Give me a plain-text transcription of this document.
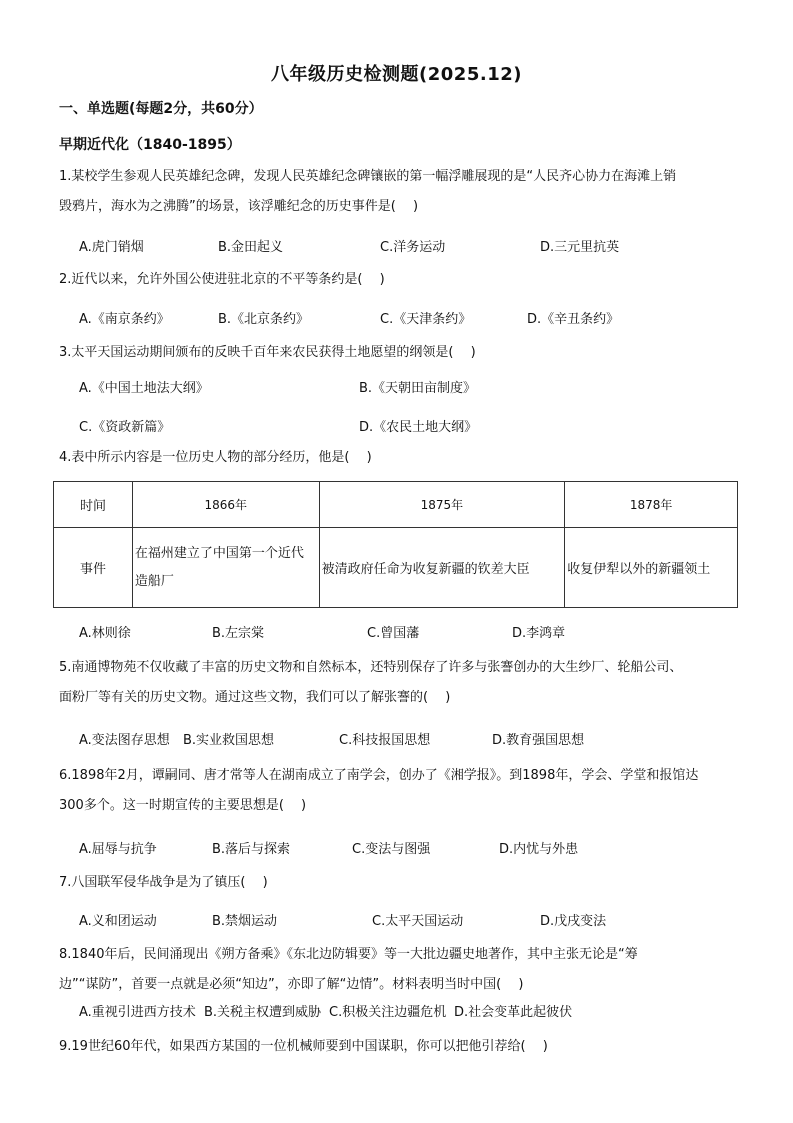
八年级历史检测题(2025.12)
一、单选题(每题2分，共60分）
早期近代化（1840-1895）

1.某校学生参观人民英雄纪念碑，发现人民英雄纪念碑镶嵌的第一幅浮雕展现的是“人民齐心协力在海滩上销

毁鸦片，海水为之沸腾”的场景，该浮雕纪念的历史事件是(　 )

A.虎门销烟	B.金田起义	C.洋务运动	D.三元里抗英

2.近代以来，允许外国公使进驻北京的不平等条约是(　 )

A.《南京条约》	B.《北京条约》	C.《天津条约》	D.《辛丑条约》

3.太平天国运动期间颁布的反映千百年来农民获得土地愿望的纲领是(　 )

A.《中国土地法大纲》	B.《天朝田亩制度》
C.《资政新篇》	D.《农民土地大纲》

4.表中所示内容是一位历史人物的部分经历，他是(　 )

时间	1866年	1875年	1878年
事件	在福州建立了中国第一个近代造船厂	被清政府任命为收复新疆的钦差大臣	收复伊犁以外的新疆领土
A.林则徐	B.左宗棠	C.曾国藩	D.李鸿章

5.南通博物苑不仅收藏了丰富的历史文物和自然标本，还特别保存了许多与张謇创办的大生纱厂、轮船公司、

面粉厂等有关的历史文物。通过这些文物，我们可以了解张謇的(　 )

A.变法图存思想 B.实业救国思想	C.科技报国思想	D.教育强国思想

6.1898年2月，谭嗣同、唐才常等人在湖南成立了南学会，创办了《湘学报》。到1898年，学会、学堂和报馆达

300多个。这一时期宣传的主要思想是(　 )

A.屈辱与抗争	B.落后与探索	C.变法与图强	D.内忧与外患

7.八国联军侵华战争是为了镇压(　 )

A.义和团运动	B.禁烟运动	C.太平天国运动	D.戊戌变法

8.1840年后，民间涌现出《朔方备乘》《东北边防辑要》等一大批边疆史地著作，其中主张无论是“筹

边”“谋防”，首要一点就是必须“知边”，亦即了解“边情”。材料表明当时中国(　 )

A.重视引进西方技术 B.关税主权遭到威胁 C.积极关注边疆危机 D.社会变革此起彼伏

9.19世纪60年代，如果西方某国的一位机械师要到中国谋职，你可以把他引荐给(　 )
